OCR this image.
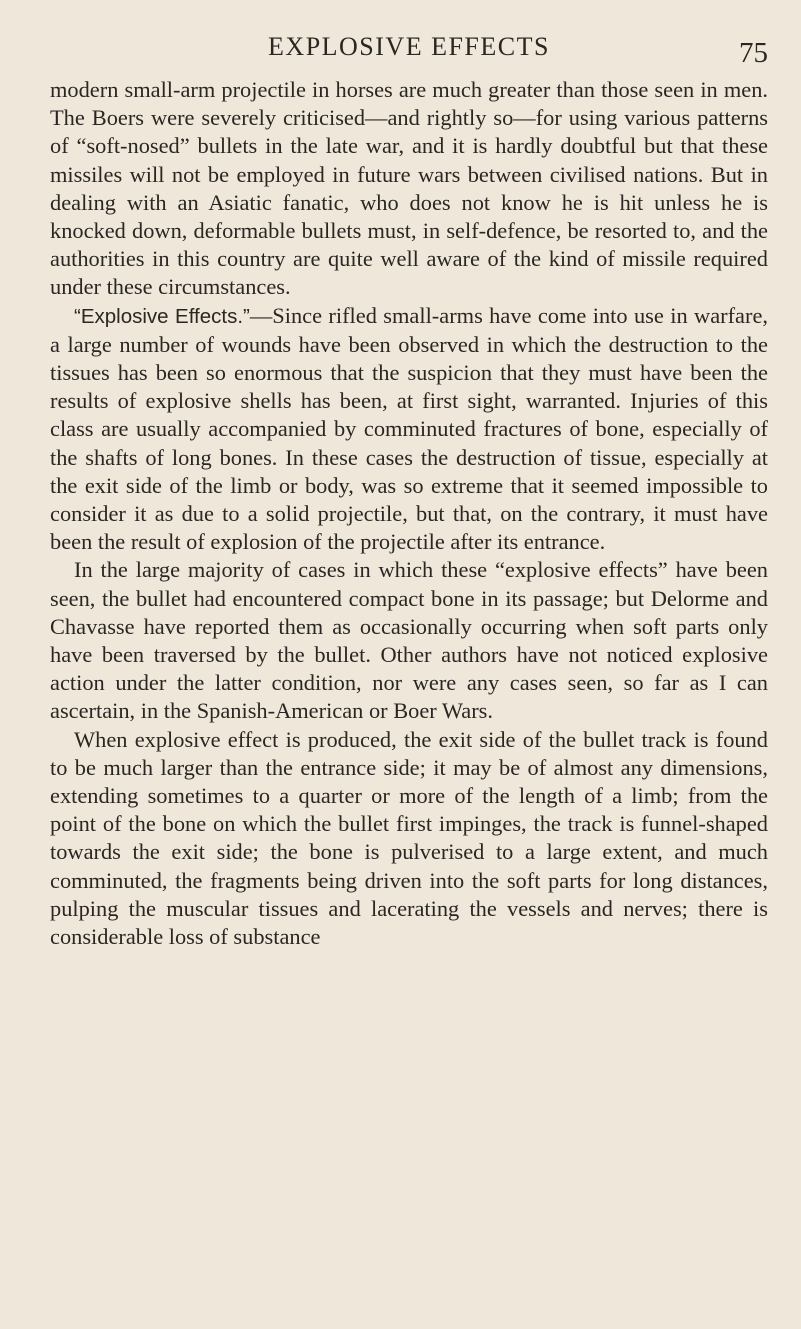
EXPLOSIVE EFFECTS	75

modern small-arm projectile in horses are much greater than those seen in men. The Boers were severely criticised—and rightly so—for using various patterns of “soft-nosed” bullets in the late war, and it is hardly doubtful but that these missiles will not be employed in future wars between civilised nations. But in dealing with an Asiatic fanatic, who does not know he is hit unless he is knocked down, deformable bullets must, in self-defence, be resorted to, and the authorities in this country are quite well aware of the kind of missile required under these circumstances.

“Explosive Effects.”—Since rifled small-arms have come into use in warfare, a large number of wounds have been observed in which the destruction to the tissues has been so enormous that the suspicion that they must have been the results of explosive shells has been, at first sight, warranted. Injuries of this class are usually accompanied by comminuted fractures of bone, especially of the shafts of long bones. In these cases the destruction of tissue, especially at the exit side of the limb or body, was so extreme that it seemed impossible to consider it as due to a solid projectile, but that, on the contrary, it must have been the result of explosion of the projectile after its entrance.

In the large majority of cases in which these “explosive effects” have been seen, the bullet had encountered compact bone in its passage; but Delorme and Chavasse have reported them as occasionally occurring when soft parts only have been traversed by the bullet. Other authors have not noticed explosive action under the latter condition, nor were any cases seen, so far as I can ascertain, in the Spanish-American or Boer Wars.

When explosive effect is produced, the exit side of the bullet track is found to be much larger than the entrance side; it may be of almost any dimensions, extending sometimes to a quarter or more of the length of a limb; from the point of the bone on which the bullet first impinges, the track is funnel-shaped towards the exit side; the bone is pulverised to a large extent, and much comminuted, the fragments being driven into the soft parts for long distances, pulping the muscular tissues and lacerating the vessels and nerves; there is considerable loss of substance
